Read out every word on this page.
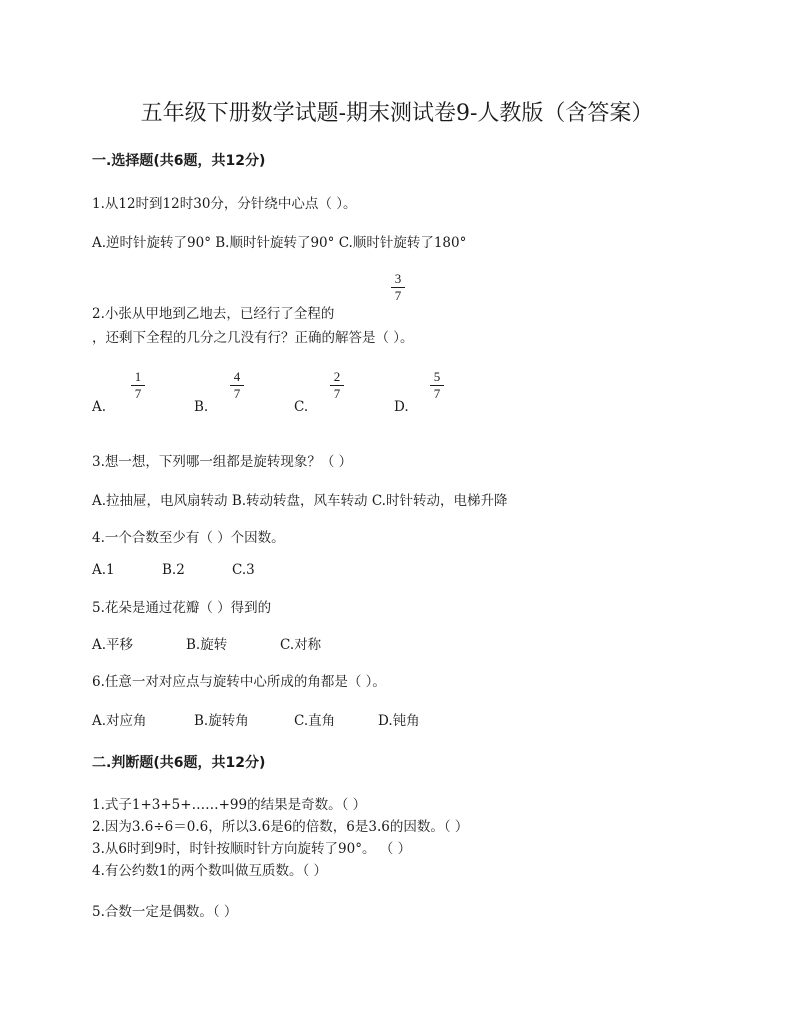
五年级下册数学试题-期末测试卷9-人教版（含答案）
一.选择题(共6题，共12分)
1.从12时到12时30分，分针绕中心点（ ）。
A.逆时针旋转了90° B.顺时针旋转了90° C.顺时针旋转了180°
3
7
2.小张从甲地到乙地去，已经行了全程的
，还剩下全程的几分之几没有行？正确的解答是（ ）。
A.
1
7
B.
4
7
C.
2
7
D.
5
7
3.想一想，下列哪一组都是旋转现象？（ ）
A.拉抽屉，电风扇转动 B.转动转盘，风车转动 C.时针转动，电梯升降
4.一个合数至少有（ ）个因数。
A.1	B.2	C.3
5.花朵是通过花瓣（ ）得到的
A.平移	B.旋转	C.对称
6.任意一对对应点与旋转中心所成的角都是（ ）。
A.对应角	B.旋转角	C.直角	D.钝角
二.判断题(共6题，共12分)
1.式子1+3+5+……+99的结果是奇数。（ ）
2.因为3.6÷6＝0.6，所以3.6是6的倍数，6是3.6的因数。（ ）
3.从6时到9时，时针按顺时针方向旋转了90°。 （ ）
4.有公约数1的两个数叫做互质数。（ ）
5.合数一定是偶数。（ ）
